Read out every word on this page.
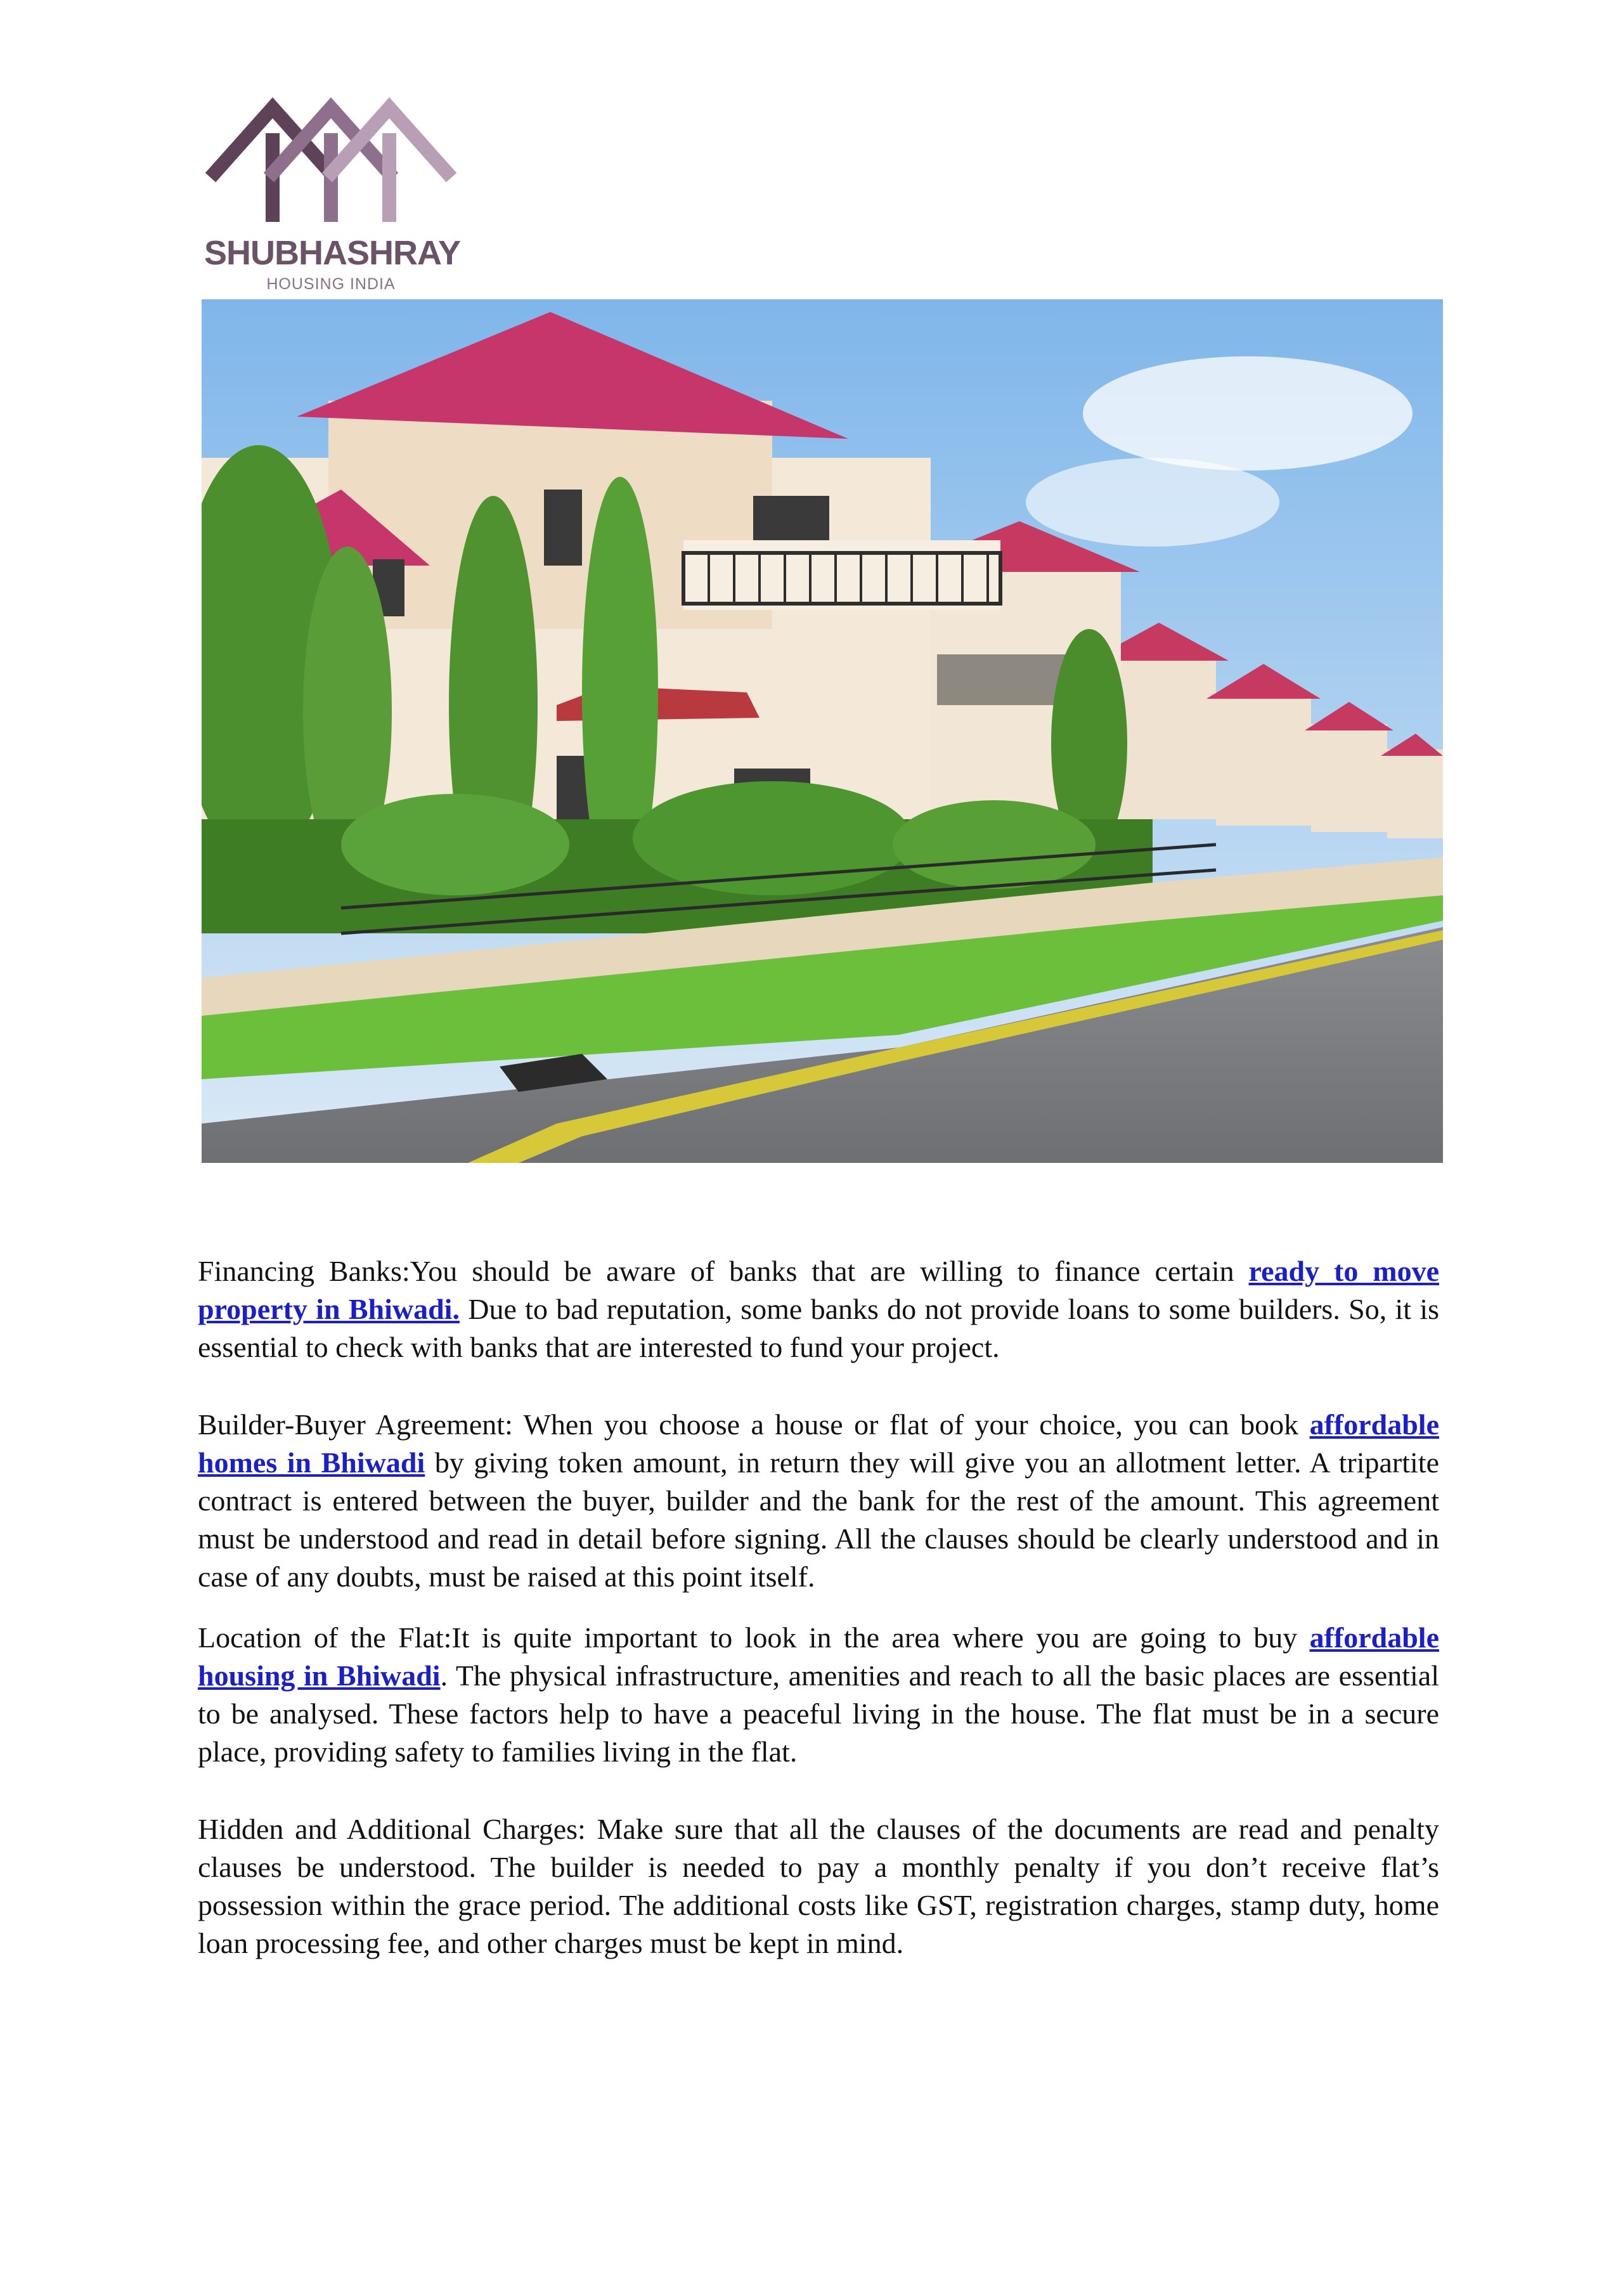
SHUBHASHRAY
HOUSING INDIA

Financing Banks:You should be aware of banks that are willing to finance certain ready to move property in Bhiwadi. Due to bad reputation, some banks do not provide loans to some builders. So, it is essential to check with banks that are interested to fund your project.

Builder-Buyer Agreement: When you choose a house or flat of your choice, you can book affordable homes in Bhiwadi by giving token amount, in return they will give you an allotment letter. A tripartite contract is entered between the buyer, builder and the bank for the rest of the amount. This agreement must be understood and read in detail before signing. All the clauses should be clearly understood and in case of any doubts, must be raised at this point itself.

Location of the Flat:It is quite important to look in the area where you are going to buy affordable housing in Bhiwadi. The physical infrastructure, amenities and reach to all the basic places are essential to be analysed. These factors help to have a peaceful living in the house. The flat must be in a secure place, providing safety to families living in the flat.

Hidden and Additional Charges: Make sure that all the clauses of the documents are read and penalty clauses be understood. The builder is needed to pay a monthly penalty if you don’t receive flat’s possession within the grace period. The additional costs like GST, registration charges, stamp duty, home loan processing fee, and other charges must be kept in mind.
